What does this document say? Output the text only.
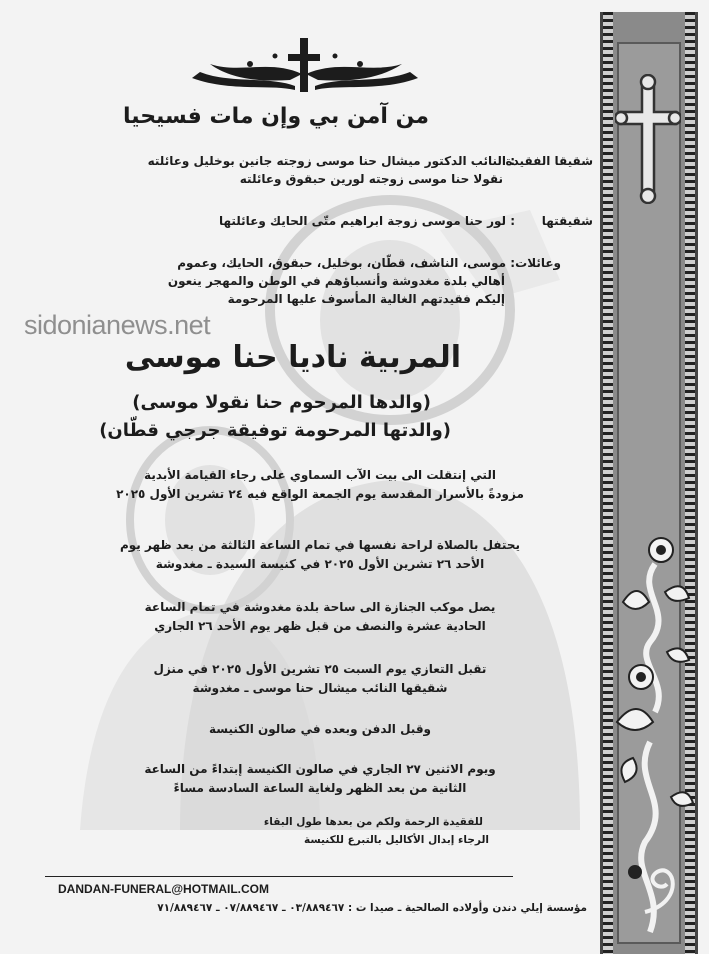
من آمن بي وإن مات فسيحيا
شقيقا الفقيدة
: النائب الدكتور ميشال حنا موسى زوجته جانين بوخليل وعائلته
نقولا حنا موسى زوجته لورين حبقوق وعائلته
شقيقتها
: لور حنا موسى زوجة ابراهيم متّى الحايك وعائلتها
وعائلات
: موسى، الناشف، قطّان، بوخليل، حبقوق، الحايك، وعموم
أهالي بلدة مغدوشة وأنسباؤهم في الوطن والمهجر ينعون
إليكم فقيدتهم الغالية المأسوف عليها المرحومة
sidonianews.net
المربية ناديا حنا موسى
(والدها المرحوم حنا نقولا موسى)
(والدتها المرحومة توفيقة جرجي قطّان)
التي إنتقلت الى بيت الآب السماوي على رجاء القيامة الأبدية
مزودةً بالأسرار المقدسة يوم الجمعة الواقع فيه ٢٤ تشرين الأول ٢٠٢٥
يحتفل بالصلاة لراحة نفسها في تمام الساعة الثالثة من بعد ظهر يوم
الأحد ٢٦ تشرين الأول ٢٠٢٥ في كنيسة السيدة ـ مغدوشة
يصل موكب الجنازة الى ساحة بلدة مغدوشة في تمام الساعة
الحادية عشرة والنصف من قبل ظهر يوم الأحد ٢٦ الجاري
تقبل التعازي يوم السبت ٢٥ تشرين الأول ٢٠٢٥ في منزل
شقيقها النائب ميشال حنا موسى ـ مغدوشة
وقبل الدفن وبعده في صالون الكنيسة
ويوم الاثنين ٢٧ الجاري في صالون الكنيسة إبتداءً من الساعة
الثانية من بعد الظهر ولغاية الساعة السادسة مساءً
للفقيدة الرحمة ولكم من بعدها طول البقاء
الرجاء إبدال الأكاليل بالتبرع للكنيسة
DANDAN-FUNERAL@HOTMAIL.COM
مؤسسة إيلي دندن وأولاده الصالحية ـ صيدا ت : ٠٣/٨٨٩٤٦٧ ـ ٠٧/٨٨٩٤٦٧ ـ ٧١/٨٨٩٤٦٧
